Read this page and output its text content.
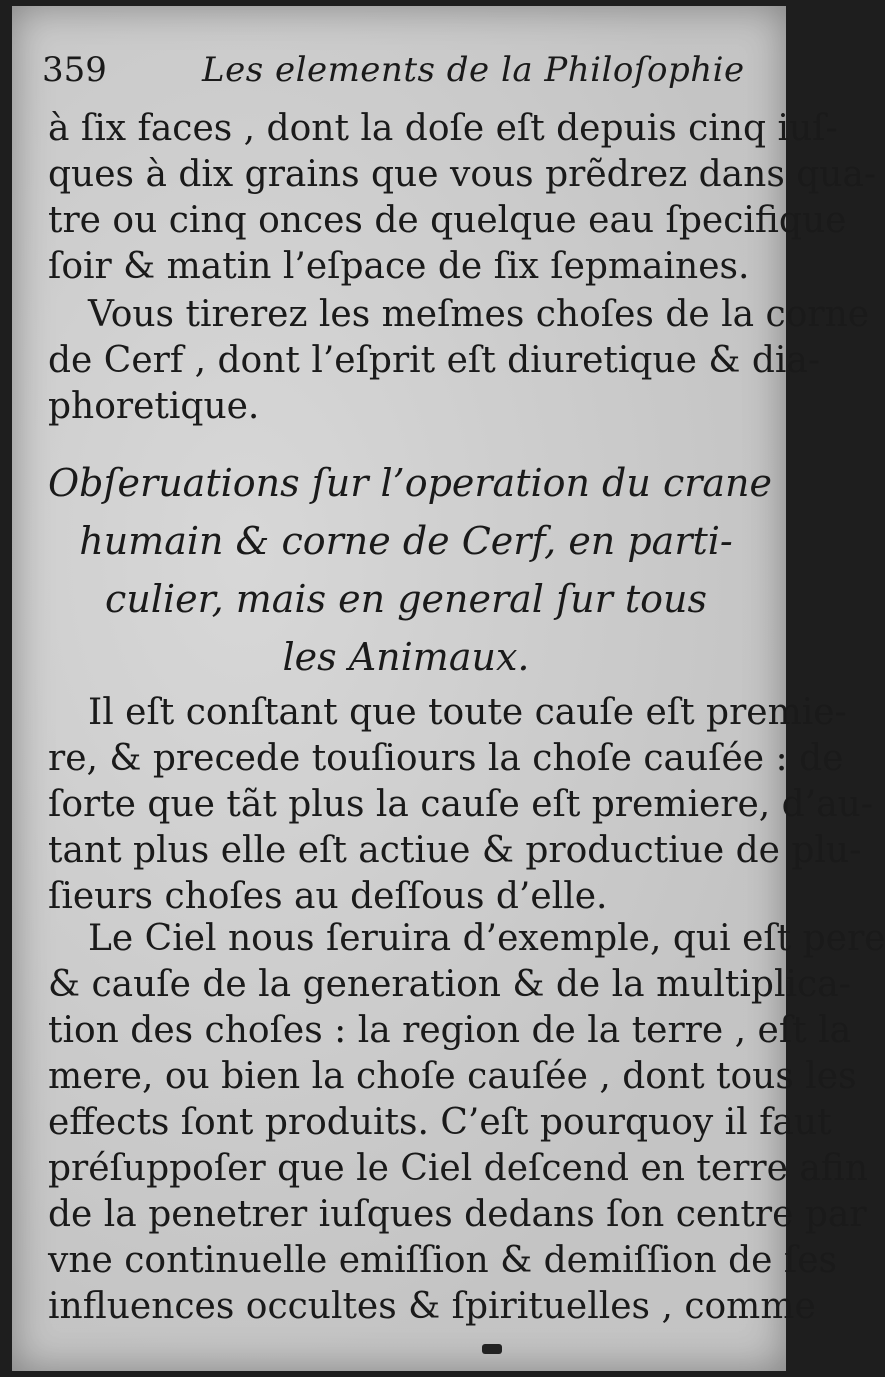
359	Les elements de la Philoſophie
à ſix faces , dont la doſe eſt depuis cinq iuſ-
ques à dix grains que vous prẽdrez dans qua-
tre ou cinq onces de quelque eau ſpecifique
ſoir & matin l’eſpace de ſix ſepmaines.
Vous tirerez les meſmes choſes de la corne
de Cerf , dont l’eſprit eſt diuretique & dia-
phoretique.
Obſeruations ſur l’operation du crane
humain & corne de Cerf, en parti-
culier, mais en general ſur tous
les Animaux.
Il eſt conſtant que toute cauſe eſt premie-
re, & precede touſiours la choſe cauſée : de
ſorte que tãt plus la cauſe eſt premiere, d’au-
tant plus elle eſt actiue & productiue de plu-
ſieurs choſes au deſſous d’elle.
Le Ciel nous ſeruira d’exemple, qui eſt pere
& cauſe de la generation & de la multiplica-
tion des choſes : la region de la terre , eſt la
mere, ou bien la choſe cauſée , dont tous les
effects ſont produits. C’eſt pourquoy il faut
préſuppoſer que le Ciel deſcend en terre afin
de la penetrer iuſques dedans ſon centre par
vne continuelle emiſſion & demiſſion de ſes
influences occultes & ſpirituelles , comme
